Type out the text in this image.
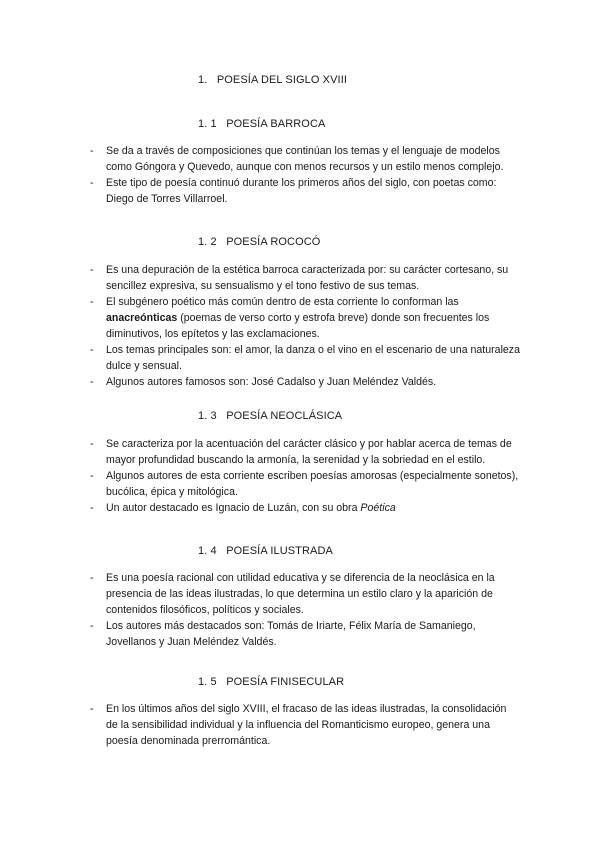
1. POESÍA DEL SIGLO XVIII
1. 1 POESÍA BARROCA
- Se da a través de composiciones que continúan los temas y el lenguaje de modelos como Góngora y Quevedo, aunque con menos recursos y un estilo menos complejo.
- Este tipo de poesía continuó durante los primeros años del siglo, con poetas como: Diego de Torres Villarroel.
1. 2 POESÍA ROCOCÓ
- Es una depuración de la estética barroca caracterizada por: su carácter cortesano, su sencillez expresiva, su sensualismo y el tono festivo de sus temas.
- El subgénero poético más común dentro de esta corriente lo conforman las anacreónticas (poemas de verso corto y estrofa breve) donde son frecuentes los diminutivos, los epítetos y las exclamaciones.
- Los temas principales son: el amor, la danza o el vino en el escenario de una naturaleza dulce y sensual.
- Algunos autores famosos son: José Cadalso y Juan Meléndez Valdés.
1. 3 POESÍA NEOCLÁSICA
- Se caracteriza por la acentuación del carácter clásico y por hablar acerca de temas de mayor profundidad buscando la armonía, la serenidad y la sobriedad en el estilo.
- Algunos autores de esta corriente escriben poesías amorosas (especialmente sonetos), bucólica, épica y mitológica.
- Un autor destacado es Ignacio de Luzán, con su obra Poética
1. 4 POESÍA ILUSTRADA
- Es una poesía racional con utilidad educativa y se diferencia de la neoclásica en la presencia de las ideas ilustradas, lo que determina un estilo claro y la aparición de contenidos filosóficos, políticos y sociales.
- Los autores más destacados son: Tomás de Iriarte, Félix María de Samaniego, Jovellanos y Juan Meléndez Valdés.
1. 5 POESÍA FINISECULAR
- En los últimos años del siglo XVIII, el fracaso de las ideas ilustradas, la consolidación de la sensibilidad individual y la influencia del Romanticismo europeo, genera una poesía denominada prerromántica.
